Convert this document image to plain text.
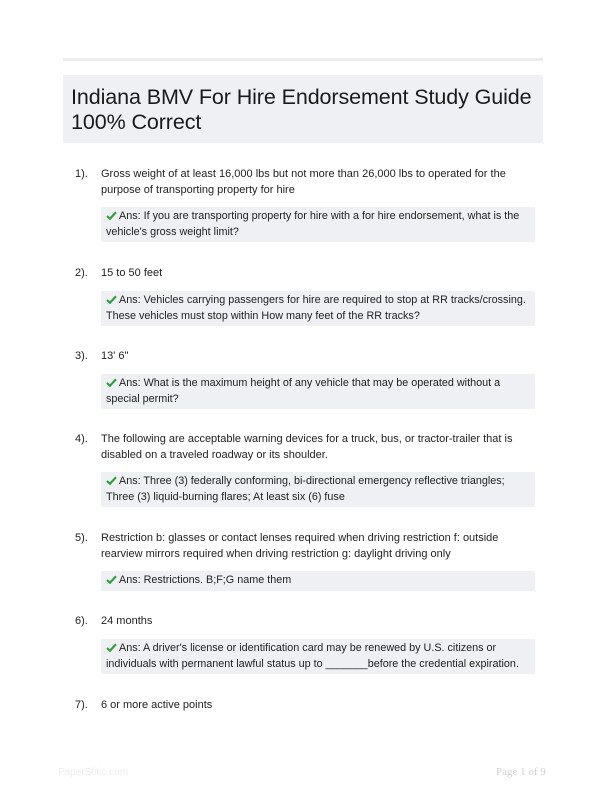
Indiana BMV For Hire Endorsement Study Guide 100% Correct
1). Gross weight of at least 16,000 lbs but not more than 26,000 lbs to operated for the purpose of transporting property for hire
Ans: If you are transporting property for hire with a for hire endorsement, what is the vehicle's gross weight limit?
2). 15 to 50 feet
Ans: Vehicles carrying passengers for hire are required to stop at RR tracks/crossing. These vehicles must stop within How many feet of the RR tracks?
3). 13' 6"
Ans: What is the maximum height of any vehicle that may be operated without a special permit?
4). The following are acceptable warning devices for a truck, bus, or tractor-trailer that is disabled on a traveled roadway or its shoulder.
Ans: Three (3) federally conforming, bi-directional emergency reflective triangles; Three (3) liquid-burning flares; At least six (6) fuse
5). Restriction b: glasses or contact lenses required when driving restriction f: outside rearview mirrors required when driving restriction g: daylight driving only
Ans: Restrictions. B;F;G name them
6). 24 months
Ans: A driver's license or identification card may be renewed by U.S. citizens or individuals with permanent lawful status up to _______before the credential expiration.
7). 6 or more active points
PaperStitic.com	Page 1 of 9
